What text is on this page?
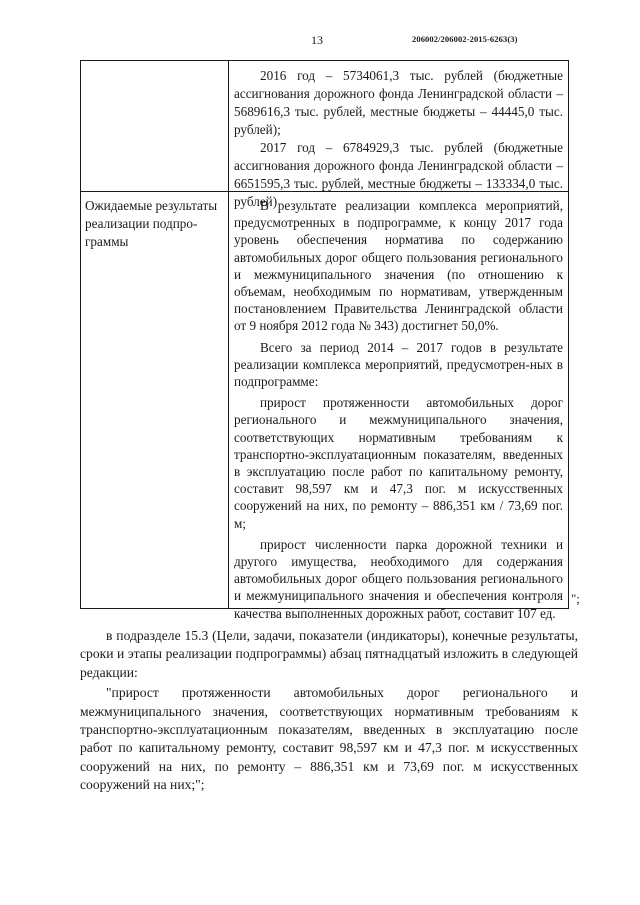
13	206002/206002-2015-6263(3)

2016 год – 5734061,3 тыс. рублей (бюджетные ассигнования дорожного фонда Ленинградской области – 5689616,3 тыс. рублей, местные бюджеты – 44445,0 тыс. рублей);

2017 год – 6784929,3 тыс. рублей (бюджетные ассигнования дорожного фонда Ленинградской области – 6651595,3 тыс. рублей, местные бюджеты – 133334,0 тыс. рублей)

Ожидаемые результаты реализации подпро-граммы

В результате реализации комплекса мероприятий, предусмотренных в подпрограмме, к концу 2017 года уровень обеспечения норматива по содержанию автомобильных дорог общего пользования регионального и межмуниципального значения (по отношению к объемам, необходимым по нормативам, утвержденным постановлением Правительства Ленинградской области от 9 ноября 2012 года № 343) достигнет 50,0%.

Всего за период 2014 – 2017 годов в результате реализации комплекса мероприятий, предусмотрен-ных в подпрограмме:

прирост протяженности автомобильных дорог регионального и межмуниципального значения, соответствующих нормативным требованиям к транспортно-эксплуатационным показателям, введенных в эксплуатацию после работ по капитальному ремонту, составит 98,597 км и 47,3 пог. м искусственных сооружений на них, по ремонту – 886,351 км / 73,69 пог. м;

прирост численности парка дорожной техники и другого имущества, необходимого для содержания автомобильных дорог общего пользования регионального и межмуниципального значения и обеспечения контроля качества выполненных дорожных работ, составит 107 ед.

";

в подразделе 15.3 (Цели, задачи, показатели (индикаторы), конечные результаты, сроки и этапы реализации подпрограммы) абзац пятнадцатый изложить в следующей редакции:

"прирост протяженности автомобильных дорог регионального и межмуниципального значения, соответствующих нормативным требованиям к транспортно-эксплуатационным показателям, введенных в эксплуатацию после работ по капитальному ремонту, составит 98,597 км и 47,3 пог. м искусственных сооружений на них, по ремонту – 886,351 км и 73,69 пог. м искусственных сооружений на них;";
